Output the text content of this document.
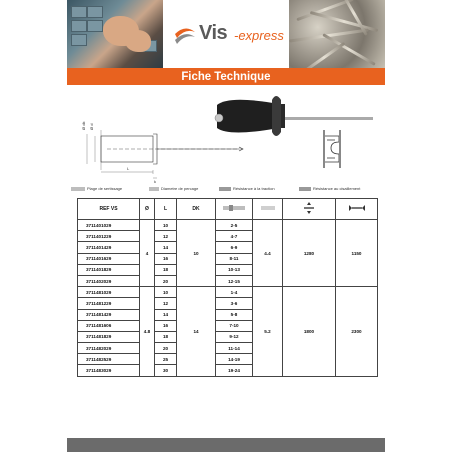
Vis -express
Fiche Technique
Ø dk Ø d
L
k
Plage de sertissage	Diametre de percage	Résistance à la traction	Résistance au cisaillement
REF VS	Ø	L	DK				
3711401029	4	10	10	2-5	4.4	1280	1150
3711401229		12		4-7			
3711401429		14		6-9			
3711401629		16		8-11			
3711401829		18		10-13			
3711402029		20		12-15			
3711481029	4.8	10	14	1-4	5.2	1800	2300
3711481229		12		3-6			
3711481429		14		5-8			
3711481606		16		7-10			
3711481829		18		9-12			
3711482029		20		11-14			
3711482529		25		14-19			
3711483029		30		19-24			
